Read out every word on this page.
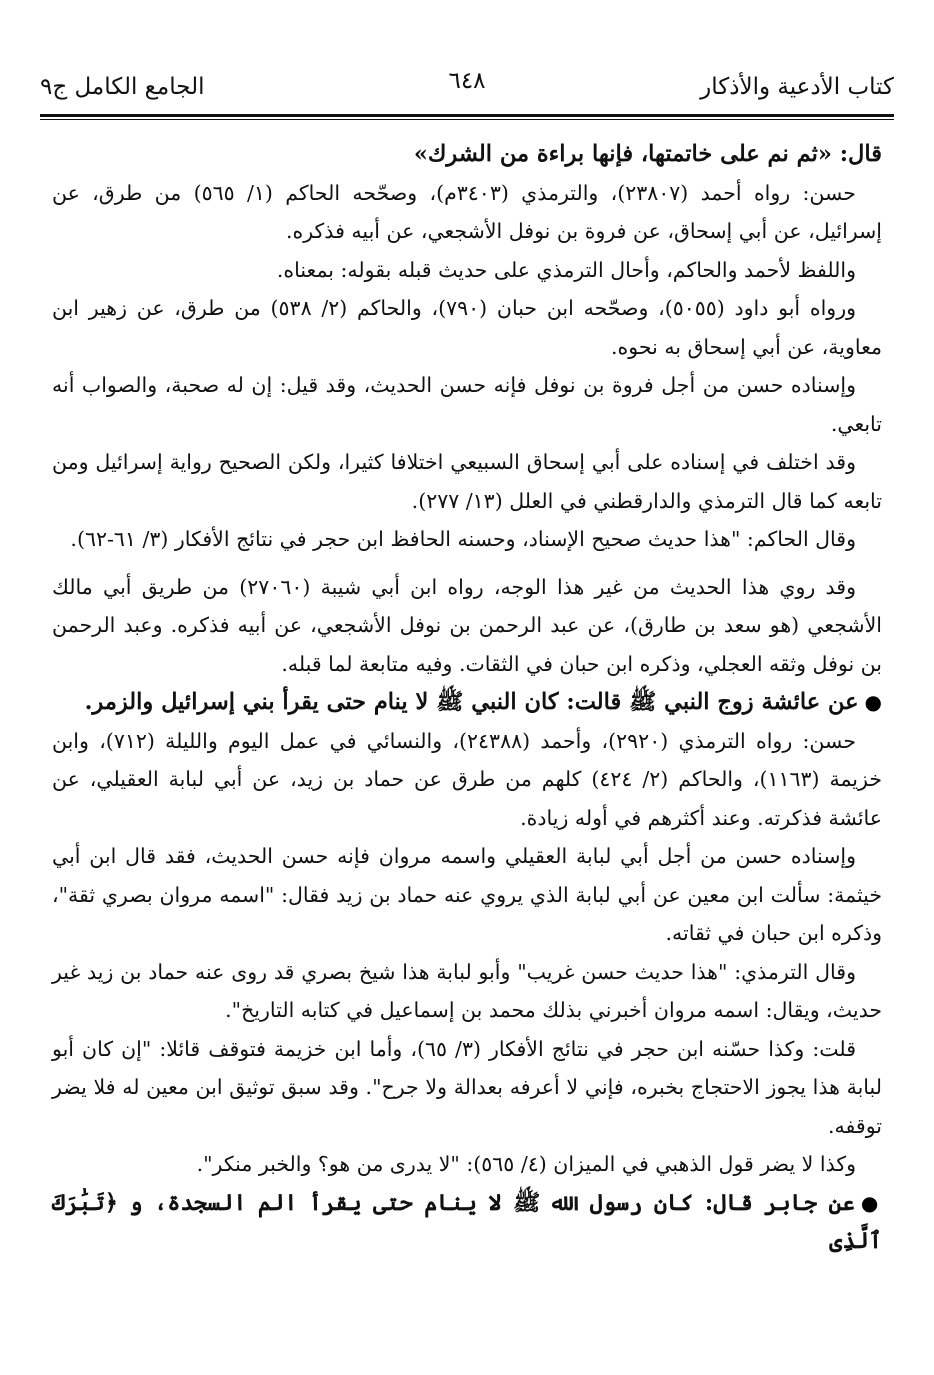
كتاب الأدعية والأذكار
٦٤٨
الجامع الكامل ج٩

قال: «ثم نم على خاتمتها، فإنها براءة من الشرك»

حسن: رواه أحمد (٢٣٨٠٧)، والترمذي (٣٤٠٣م)، وصحّحه الحاكم (١/ ٥٦٥) من طرق، عن إسرائيل، عن أبي إسحاق، عن فروة بن نوفل الأشجعي، عن أبيه فذكره.

واللفظ لأحمد والحاكم، وأحال الترمذي على حديث قبله بقوله: بمعناه.

ورواه أبو داود (٥٠٥٥)، وصحّحه ابن حبان (٧٩٠)، والحاكم (٢/ ٥٣٨) من طرق، عن زهير ابن معاوية، عن أبي إسحاق به نحوه.

وإسناده حسن من أجل فروة بن نوفل فإنه حسن الحديث، وقد قيل: إن له صحبة، والصواب أنه تابعي.

وقد اختلف في إسناده على أبي إسحاق السبيعي اختلافا كثيرا، ولكن الصحيح رواية إسرائيل ومن تابعه كما قال الترمذي والدارقطني في العلل (١٣/ ٢٧٧).

وقال الحاكم: "هذا حديث صحيح الإسناد، وحسنه الحافظ ابن حجر في نتائج الأفكار (٣/ ٦١-٦٢).

وقد روي هذا الحديث من غير هذا الوجه، رواه ابن أبي شيبة (٢٧٠٦٠) من طريق أبي مالك الأشجعي (هو سعد بن طارق)، عن عبد الرحمن بن نوفل الأشجعي، عن أبيه فذكره. وعبد الرحمن بن نوفل وثقه العجلي، وذكره ابن حبان في الثقات. وفيه متابعة لما قبله.

●عن عائشة زوج النبي ﷺ قالت: كان النبي ﷺ لا ينام حتى يقرأ بني إسرائيل والزمر.

حسن: رواه الترمذي (٢٩٢٠)، وأحمد (٢٤٣٨٨)، والنسائي في عمل اليوم والليلة (٧١٢)، وابن خزيمة (١١٦٣)، والحاكم (٢/ ٤٢٤) كلهم من طرق عن حماد بن زيد، عن أبي لبابة العقيلي، عن عائشة فذكرته. وعند أكثرهم في أوله زيادة.

وإسناده حسن من أجل أبي لبابة العقيلي واسمه مروان فإنه حسن الحديث، فقد قال ابن أبي خيثمة: سألت ابن معين عن أبي لبابة الذي يروي عنه حماد بن زيد فقال: "اسمه مروان بصري ثقة"، وذكره ابن حبان في ثقاته.

وقال الترمذي: "هذا حديث حسن غريب" وأبو لبابة هذا شيخ بصري قد روى عنه حماد بن زيد غير حديث، ويقال: اسمه مروان أخبرني بذلك محمد بن إسماعيل في كتابه التاريخ".

قلت: وكذا حسّنه ابن حجر في نتائج الأفكار (٣/ ٦٥)، وأما ابن خزيمة فتوقف قائلا: "إن كان أبو لبابة هذا يجوز الاحتجاج بخبره، فإني لا أعرفه بعدالة ولا جرح". وقد سبق توثيق ابن معين له فلا يضر توقفه.

وكذا لا يضر قول الذهبي في الميزان (٤/ ٥٦٥): "لا يدرى من هو؟ والخبر منكر".

●عن جابر قال: كان رسول الله ﷺ لا ينام حتى يقرأ الم السجدة، و ﴿تَبَٰرَكَ ٱلَّذِى
